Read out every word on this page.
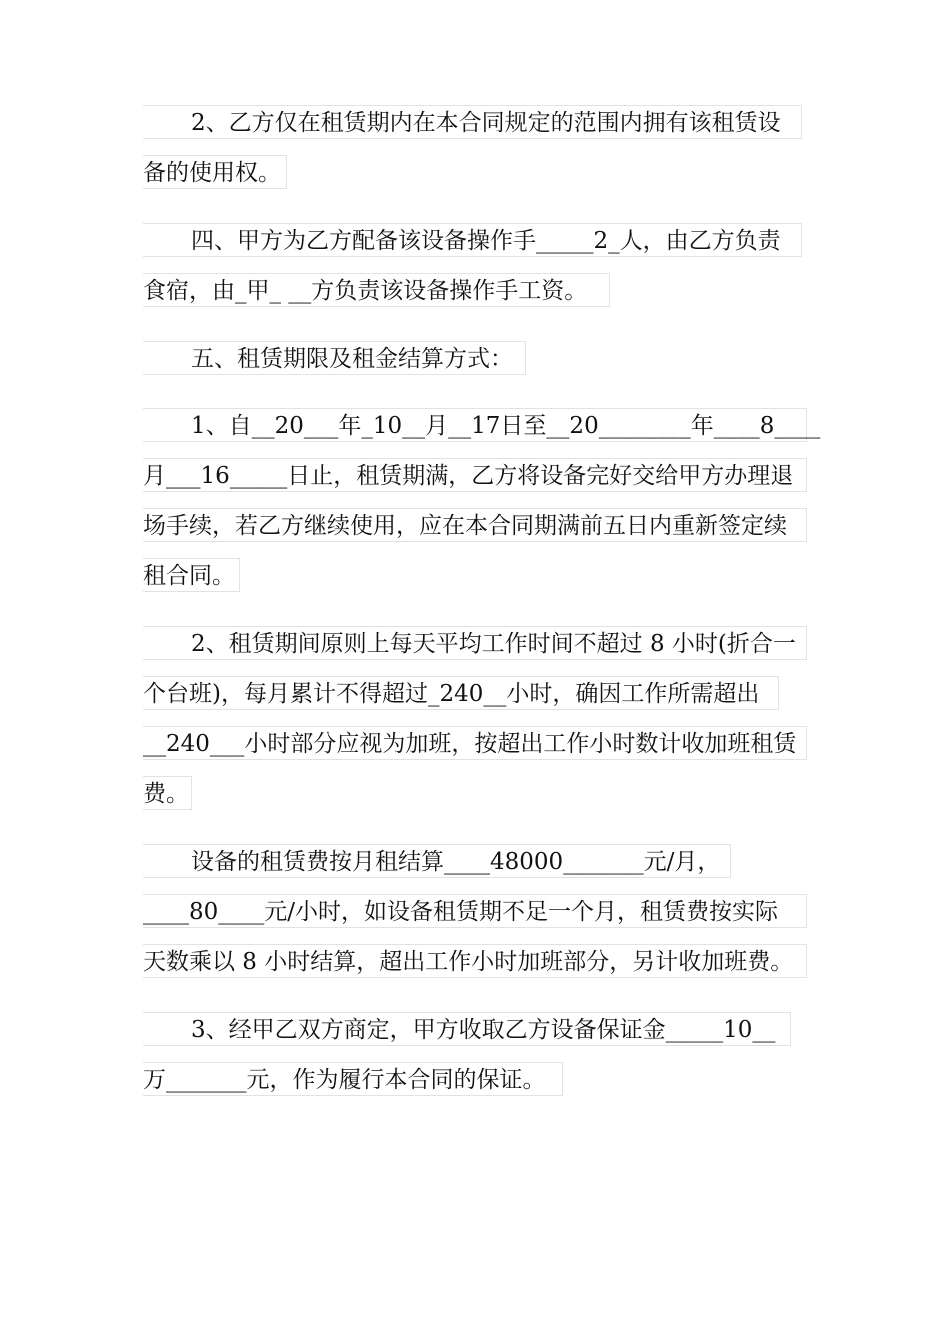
2、乙方仅在租赁期内在本合同规定的范围内拥有该租赁设
备的使用权。
四、甲方为乙方配备该设备操作手_____2_人，由乙方负责
食宿，由_甲_ __方负责该设备操作手工资。
五、租赁期限及租金结算方式：
1、自__20___年_10__月__17日至__20________年____8____
月___16_____日止，租赁期满，乙方将设备完好交给甲方办理退
场手续，若乙方继续使用，应在本合同期满前五日内重新签定续
租合同。
2、租赁期间原则上每天平均工作时间不超过 8 小时(折合一
个台班)，每月累计不得超过_240__小时，确因工作所需超出
__240___小时部分应视为加班，按超出工作小时数计收加班租赁
费。
设备的租赁费按月租结算____48000_______元/月，
____80____元/小时，如设备租赁期不足一个月，租赁费按实际
天数乘以 8 小时结算，超出工作小时加班部分，另计收加班费。
3、经甲乙双方商定，甲方收取乙方设备保证金_____10__
万_______元，作为履行本合同的保证。
